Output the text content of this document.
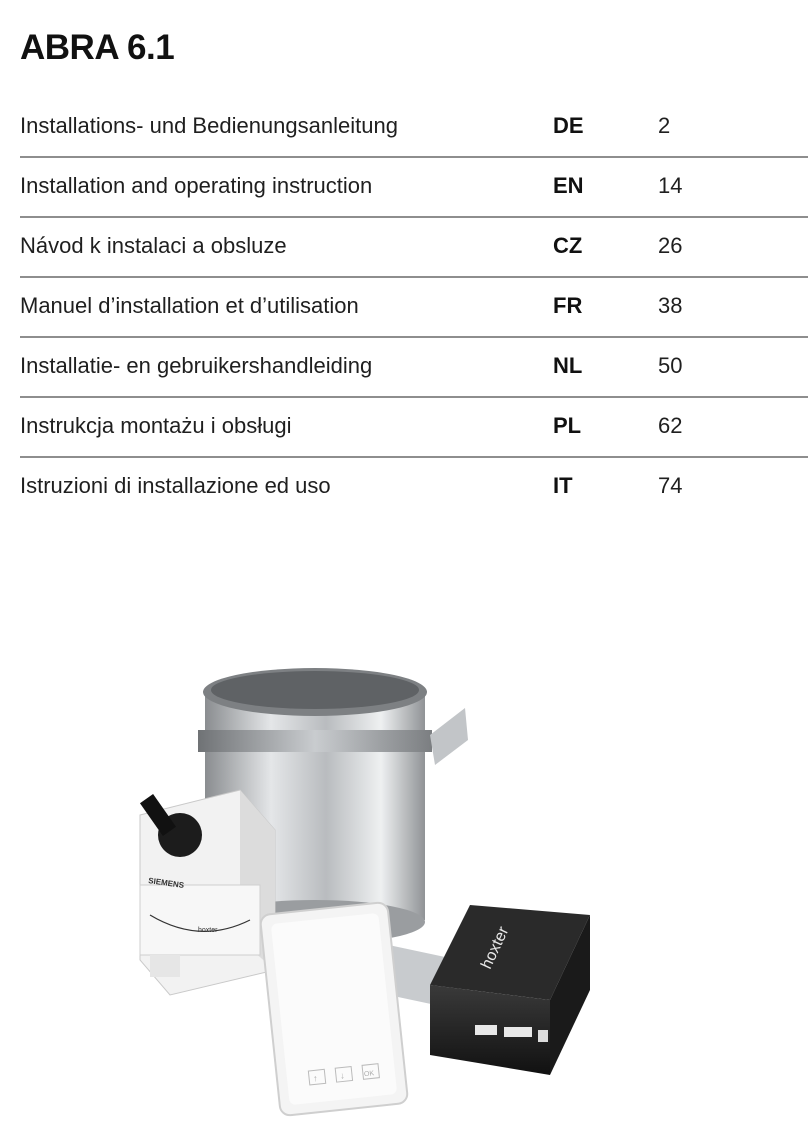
ABRA 6.1
Installations- und Bedienungsanleitung	DE	2
Installation and operating instruction	EN	14
Návod k instalaci a obsluze	CZ	26
Manuel d’installation et d’utilisation	FR	38
Installatie- en gebruikershandleiding	NL	50
Instrukcja montażu i obsługi	PL	62
Istruzioni di installazione ed uso	IT	74
SIEMENS
hoxter
↑ ↓	OK
hoxter
